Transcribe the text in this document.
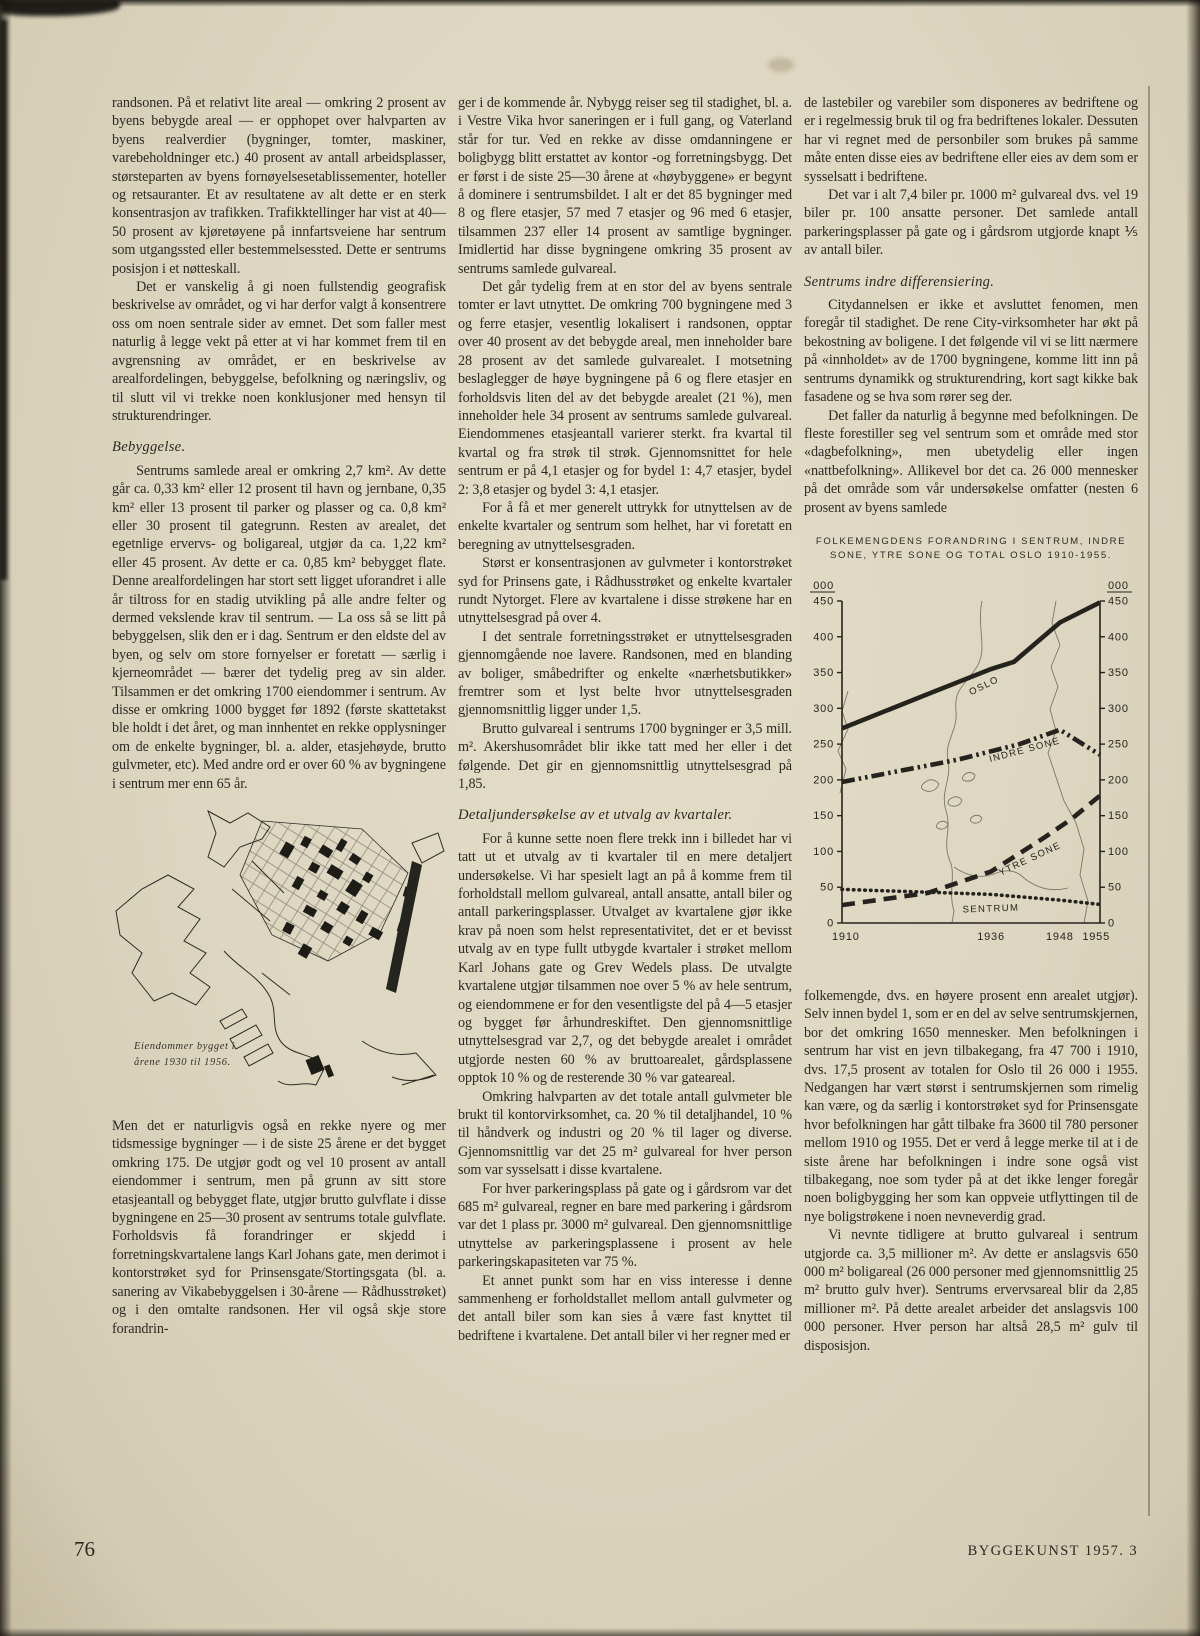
randsonen. På et relativt lite areal — omkring 2 prosent av byens bebygde areal — er opphopet over halvparten av byens realverdier (bygninger, tomter, maskiner, varebeholdninger etc.) 40 prosent av antall arbeidsplasser, størsteparten av byens fornøyelsesetablissementer, hoteller og retsauranter. Et av resultatene av alt dette er en sterk konsentrasjon av trafikken. Trafikktellinger har vist at 40—50 prosent av kjøretøyene på innfartsveiene har sentrum som utgangssted eller bestemmelsessted. Dette er sentrums posisjon i et nøtteskall.

Det er vanskelig å gi noen fullstendig geografisk beskrivelse av området, og vi har derfor valgt å konsentrere oss om noen sentrale sider av emnet. Det som faller mest naturlig å legge vekt på etter at vi har kommet frem til en avgrensning av området, er en beskrivelse av arealfordelingen, bebyggelse, befolkning og næringsliv, og til slutt vil vi trekke noen konklusjoner med hensyn til strukturendringer.

Bebyggelse.

Sentrums samlede areal er omkring 2,7 km². Av dette går ca. 0,33 km² eller 12 prosent til havn og jernbane, 0,35 km² eller 13 prosent til parker og plasser og ca. 0,8 km² eller 30 prosent til gategrunn. Resten av arealet, det egetnlige ervervs- og boligareal, utgjør da ca. 1,22 km² eller 45 prosent. Av dette er ca. 0,85 km² bebygget flate. Denne arealfordelingen har stort sett ligget uforandret i alle år tiltross for en stadig utvikling på alle andre felter og dermed vekslende krav til sentrum. — La oss så se litt på bebyggelsen, slik den er i dag. Sentrum er den eldste del av byen, og selv om store fornyelser er foretatt — særlig i kjerneområdet — bærer det tydelig preg av sin alder. Tilsammen er det omkring 1700 eiendommer i sentrum. Av disse er omkring 1000 bygget før 1892 (første skattetakst ble holdt i det året, og man innhentet en rekke opplysninger om de enkelte bygninger, bl. a. alder, etasjehøyde, brutto gulvmeter, etc). Med andre ord er over 60 % av bygningene i sentrum mer enn 65 år.

Eiendommer bygget i
årene 1930 til 1956.

Men det er naturligvis også en rekke nyere og mer tidsmessige bygninger — i de siste 25 årene er det bygget omkring 175. De utgjør godt og vel 10 prosent av antall eiendommer i sentrum, men på grunn av sitt store etasjeantall og bebygget flate, utgjør brutto gulvflate i disse bygningene en 25—30 prosent av sentrums totale gulvflate. Forholdsvis få forandringer er skjedd i forretningskvartalene langs Karl Johans gate, men derimot i kontorstrøket syd for Prinsensgate/Stortingsgata (bl. a. sanering av Vikabebyggelsen i 30-årene — Rådhusstrøket) og i den omtalte randsonen. Her vil også skje store forandrin-

ger i de kommende år. Nybygg reiser seg til stadighet, bl. a. i Vestre Vika hvor saneringen er i full gang, og Vaterland står for tur. Ved en rekke av disse omdanningene er boligbygg blitt erstattet av kontor -og forretningsbygg. Det er først i de siste 25—30 årene at «høybyggene» er begynt å dominere i sentrumsbildet. I alt er det 85 bygninger med 8 og flere etasjer, 57 med 7 etasjer og 96 med 6 etasjer, tilsammen 237 eller 14 prosent av samtlige bygninger. Imidlertid har disse bygningene omkring 35 prosent av sentrums samlede gulvareal.

Det går tydelig frem at en stor del av byens sentrale tomter er lavt utnyttet. De omkring 700 bygningene med 3 og ferre etasjer, vesentlig lokalisert i randsonen, opptar over 40 prosent av det bebygde areal, men inneholder bare 28 prosent av det samlede gulvarealet. I motsetning beslaglegger de høye bygningene på 6 og flere etasjer en forholdsvis liten del av det bebygde arealet (21 %), men inneholder hele 34 prosent av sentrums samlede gulvareal. Eiendommenes etasjeantall varierer sterkt. fra kvartal til kvartal og fra strøk til strøk. Gjennomsnittet for hele sentrum er på 4,1 etasjer og for bydel 1: 4,7 etasjer, bydel 2: 3,8 etasjer og bydel 3: 4,1 etasjer.

For å få et mer generelt uttrykk for utnyttelsen av de enkelte kvartaler og sentrum som helhet, har vi foretatt en beregning av utnyttelsesgraden.

Størst er konsentrasjonen av gulvmeter i kontorstrøket syd for Prinsens gate, i Rådhusstrøket og enkelte kvartaler rundt Nytorget. Flere av kvartalene i disse strøkene har en utnyttelsesgrad på over 4.

I det sentrale forretningsstrøket er utnyttelsesgraden gjennomgående noe lavere. Randsonen, med en blanding av boliger, småbedrifter og enkelte «nærhetsbutikker» fremtrer som et lyst belte hvor utnyttelsesgraden gjennomsnittlig ligger under 1,5.

Brutto gulvareal i sentrums 1700 bygninger er 3,5 mill. m². Akershusområdet blir ikke tatt med her eller i det følgende. Det gir en gjennomsnittlig utnyttelsesgrad på 1,85.

Detaljundersøkelse av et utvalg av kvartaler.

For å kunne sette noen flere trekk inn i billedet har vi tatt ut et utvalg av ti kvartaler til en mere detaljert undersøkelse. Vi har spesielt lagt an på å komme frem til forholdstall mellom gulvareal, antall ansatte, antall biler og antall parkeringsplasser. Utvalget av kvartalene gjør ikke krav på noen som helst representativitet, det er et bevisst utvalg av en type fullt utbygde kvartaler i strøket mellom Karl Johans gate og Grev Wedels plass. De utvalgte kvartalene utgjør tilsammen noe over 5 % av hele sentrum, og eiendommene er for den vesentligste del på 4—5 etasjer og bygget før århundreskiftet. Den gjennomsnittlige utnyttelsesgrad var 2,7, og det bebygde arealet i området utgjorde nesten 60 % av bruttoarealet, gårdsplassene opptok 10 % og de resterende 30 % var gateareal.

Omkring halvparten av det totale antall gulvmeter ble brukt til kontorvirksomhet, ca. 20 % til detaljhandel, 10 % til håndverk og industri og 20 % til lager og diverse. Gjennomsnittlig var det 25 m² gulvareal for hver person som var sysselsatt i disse kvartalene.

For hver parkeringsplass på gate og i gårdsrom var det 685 m² gulvareal, regner en bare med parkering i gårdsrom var det 1 plass pr. 3000 m² gulvareal. Den gjennomsnittlige utnyttelse av parkeringsplassene i prosent av hele parkeringskapasiteten var 75 %.

Et annet punkt som har en viss interesse i denne sammenheng er forholdstallet mellom antall gulvmeter og det antall biler som kan sies å være fast knyttet til bedriftene i kvartalene. Det antall biler vi her regner med er

de lastebiler og varebiler som disponeres av bedriftene og er i regelmessig bruk til og fra bedriftenes lokaler. Dessuten har vi regnet med de personbiler som brukes på samme måte enten disse eies av bedriftene eller eies av dem som er sysselsatt i bedriftene.

Det var i alt 7,4 biler pr. 1000 m² gulvareal dvs. vel 19 biler pr. 100 ansatte personer. Det samlede antall parkeringsplasser på gate og i gårdsrom utgjorde knapt ⅕ av antall biler.

Sentrums indre differensiering.

Citydannelsen er ikke et avsluttet fenomen, men foregår til stadighet. De rene City-virksomheter har økt på bekostning av boligene. I det følgende vil vi se litt nærmere på «innholdet» av de 1700 bygningene, komme litt inn på sentrums dynamikk og strukturendring, kort sagt kikke bak fasadene og se hva som rører seg der.

Det faller da naturlig å begynne med befolkningen. De fleste forestiller seg vel sentrum som et område med stor «dagbefolkning», men ubetydelig eller ingen «nattbefolkning». Allikevel bor det ca. 26 000 mennesker på det område som vår undersøkelse omfatter (nesten 6 prosent av byens samlede

FOLKEMENGDENS FORANDRING I SENTRUM, INDRE
SONE, YTRE SONE OG TOTAL OSLO 1910-1955.
0	0
50	50
100	100
150	150
200	200
250	250
300	300
350	350
400	400
450	450
000	000
1910	1936	1948 1955
OSLO
INDRE SONE
YTRE SONE
SENTRUM

folkemengde, dvs. en høyere prosent enn arealet utgjør). Selv innen bydel 1, som er en del av selve sentrumskjernen, bor det omkring 1650 mennesker. Men befolkningen i sentrum har vist en jevn tilbakegang, fra 47 700 i 1910, dvs. 17,5 prosent av totalen for Oslo til 26 000 i 1955. Nedgangen har vært størst i sentrumskjernen som rimelig kan være, og da særlig i kontorstrøket syd for Prinsensgate hvor befolkningen har gått tilbake fra 3600 til 780 personer mellom 1910 og 1955. Det er verd å legge merke til at i de siste årene har befolkningen i indre sone også vist tilbakegang, noe som tyder på at det ikke lenger foregår noen boligbygging her som kan oppveie utflyttingen til de nye boligstrøkene i noen nevneverdig grad.

Vi nevnte tidligere at brutto gulvareal i sentrum utgjorde ca. 3,5 millioner m². Av dette er anslagsvis 650 000 m² boligareal (26 000 personer med gjennomsnittlig 25 m² brutto gulv hver). Sentrums ervervsareal blir da 2,85 millioner m². På dette arealet arbeider det anslagsvis 100 000 personer. Hver person har altså 28,5 m² gulv til disposisjon.

76	BYGGEKUNST 1957. 3
